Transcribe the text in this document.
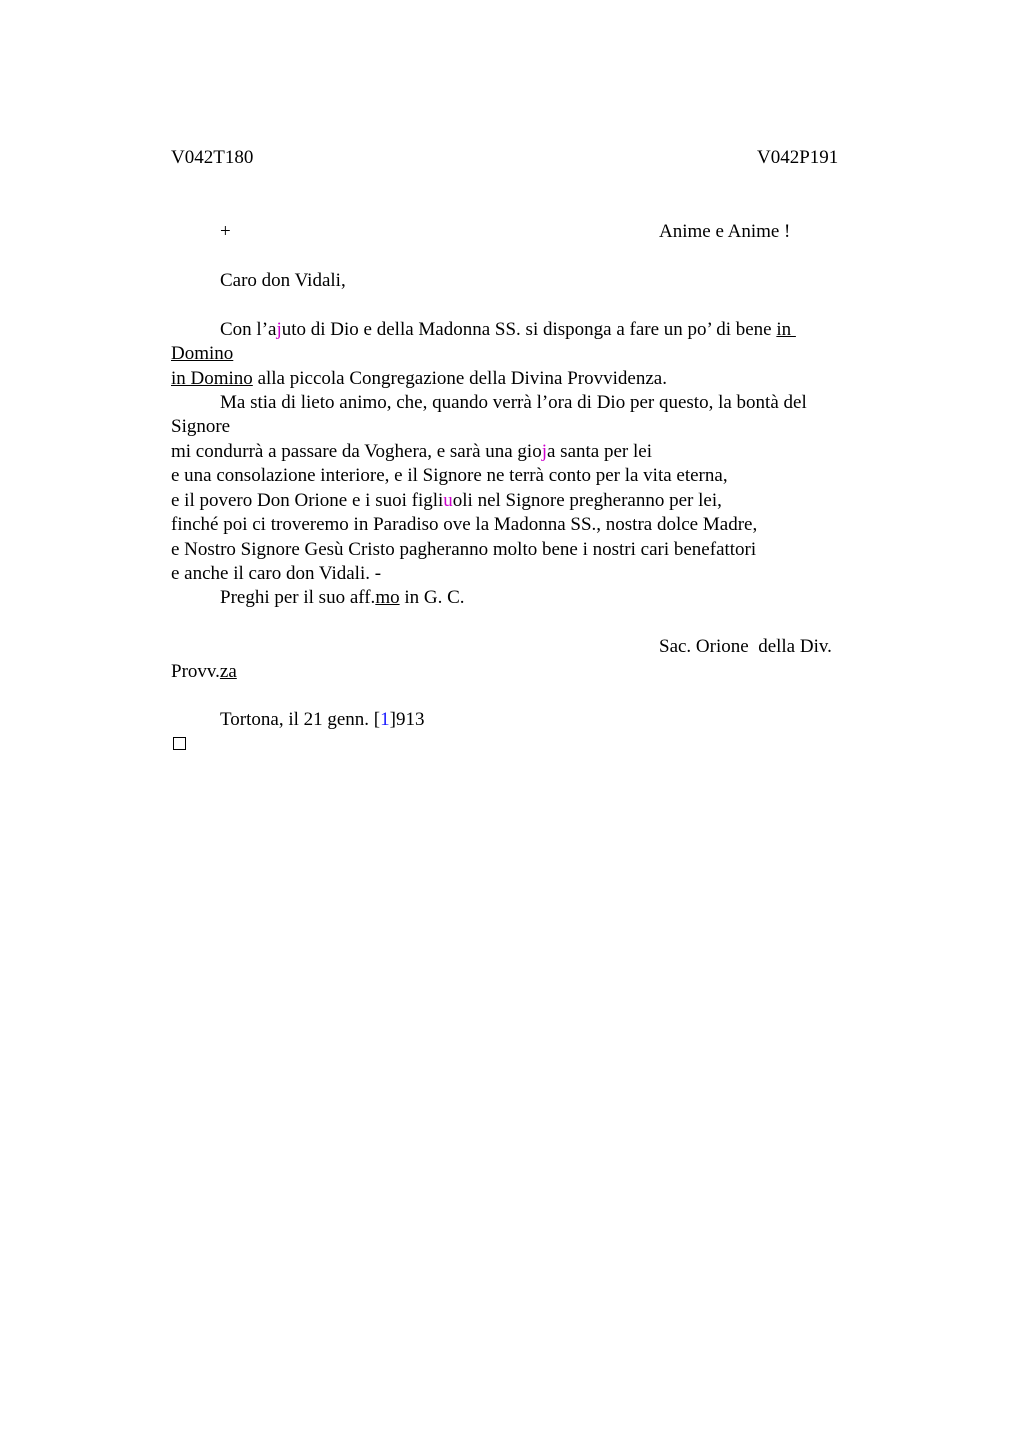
V042T180	V042P191
+	Anime e Anime !
Caro don Vidali,
Con l’ajuto di Dio e della Madonna SS. si disponga a fare un po’ di bene in
Domino
in Domino alla piccola Congregazione della Divina Provvidenza.
Ma stia di lieto animo, che, quando verrà l’ora di Dio per questo, la bontà del
Signore
mi condurrà a passare da Voghera, e sarà una gioja santa per lei
e una consolazione interiore, e il Signore ne terrà conto per la vita eterna,
e il povero Don Orione e i suoi figliuoli nel Signore pregheranno per lei,
finché poi ci troveremo in Paradiso ove la Madonna SS., nostra dolce Madre,
e Nostro Signore Gesù Cristo pagheranno molto bene i nostri cari benefattori
e anche il caro don Vidali. -
Preghi per il suo aff.mo in G. C.
Sac. Orione  della Div.
Provv.za
Tortona, il 21 genn. [1]913
